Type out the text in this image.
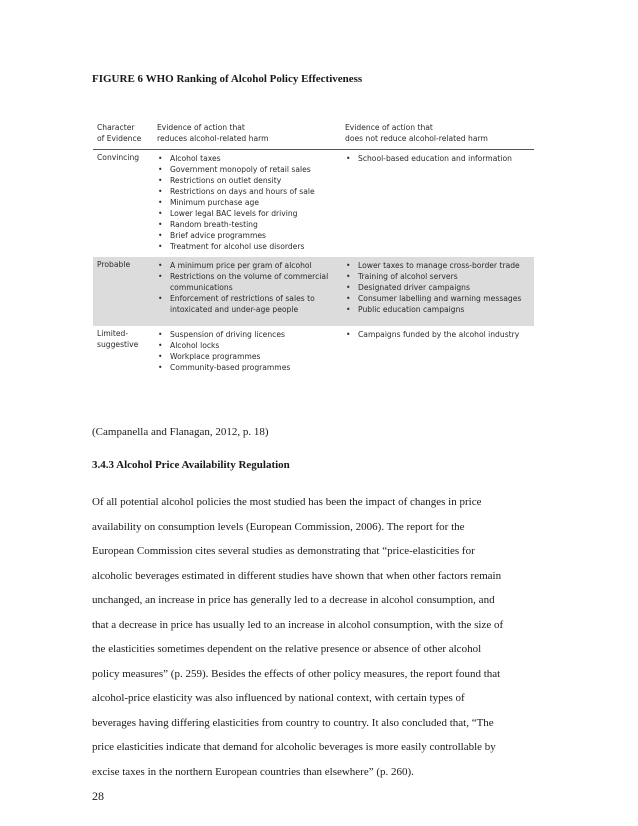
FIGURE 6 WHO Ranking of Alcohol Policy Effectiveness
Character
of Evidence
Evidence of action that
reduces alcohol-related harm
Evidence of action that
does not reduce alcohol-related harm
Convincing	• Alcohol taxes
• Government monopoly of retail sales
• Restrictions on outlet density
• Restrictions on days and hours of sale
• Minimum purchase age
• Lower legal BAC levels for driving
• Random breath-testing
• Brief advice programmes
• Treatment for alcohol use disorders
• School-based education and information
Probable	• A minimum price per gram of alcohol
• Restrictions on the volume of commercial
communications
• Enforcement of restrictions of sales to
intoxicated and under-age people
• Lower taxes to manage cross-border trade
• Training of alcohol servers
• Designated driver campaigns
• Consumer labelling and warning messages
• Public education campaigns
Limited-
suggestive
• Suspension of driving licences
• Alcohol locks
• Workplace programmes
• Community-based programmes
• Campaigns funded by the alcohol industry
(Campanella and Flanagan, 2012, p. 18)
3.4.3 Alcohol Price Availability Regulation
Of all potential alcohol policies the most studied has been the impact of changes in price
availability on consumption levels (European Commission, 2006). The report for the
European Commission cites several studies as demonstrating that “price-elasticities for
alcoholic beverages estimated in different studies have shown that when other factors remain
unchanged, an increase in price has generally led to a decrease in alcohol consumption, and
that a decrease in price has usually led to an increase in alcohol consumption, with the size of
the elasticities sometimes dependent on the relative presence or absence of other alcohol
policy measures” (p. 259). Besides the effects of other policy measures, the report found that
alcohol-price elasticity was also influenced by national context, with certain types of
beverages having differing elasticities from country to country. It also concluded that, “The
price elasticities indicate that demand for alcoholic beverages is more easily controllable by
excise taxes in the northern European countries than elsewhere” (p. 260).
28
